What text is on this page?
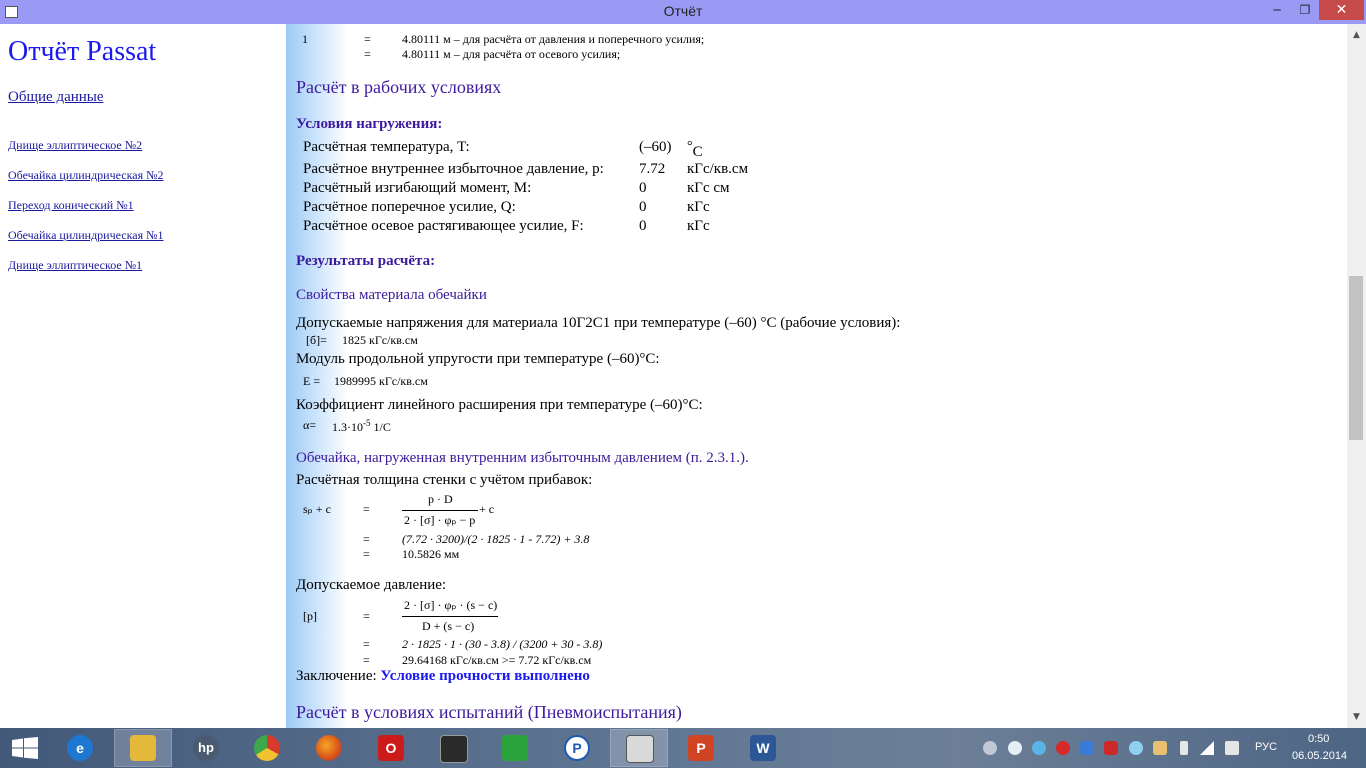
Отчёт	─	❐	✕
Отчёт Passat
Общие данные
Днище эллиптическое №2
Обечайка цилиндрическая №2
Переход конический №1
Обечайка цилиндрическая №1
Днище эллиптическое №1
1	=	4.80111 м – для расчёта от давления и поперечного усилия;
=	4.80111 м – для расчёта от осевого усилия;
Расчёт в рабочих условиях
Условия нагружения:
Расчётная температура, T:	(–60) °С
Расчётное внутреннее избыточное давление, p: 7.72 кГс/кв.см
Расчётный изгибающий момент, M:	0	кГс см
Расчётное поперечное усилие, Q:	0	кГс
Расчётное осевое растягивающее усилие, F:	0	кГс
Результаты расчёта:
Свойства материала обечайки
Допускаемые напряжения для материала 10Г2С1 при температуре (–60) °С (рабочие условия):
[б]= 1825 кГс/кв.см
Модуль продольной упругости при температуре (–60)°С:
E = 1989995 кГс/кв.см
Коэффициент линейного расширения при температуре (–60)°С:
$\alpha= 1.3\cdot 10^{-5}$ 1/С
Обечайка, нагруженная внутренним избыточным давлением (п. 2.3.1.).
Расчётная толщина стенки с учётом прибавок:
sₚ + c	=
p · D
2 · [σ] · φₚ − p
+ c
=	(7.72 · 3200)/(2 · 1825 · 1 - 7.72) + 3.8
=	10.5826 мм
Допускаемое давление:
[p]	=
2 · [σ] · φₚ · (s − c)
D + (s − c)
=	2 · 1825 · 1 · (30 - 3.8) / (3200 + 30 - 3.8)
=	29.64168 кГс/кв.см >= 7.72 кГс/кв.см
Заключение: Условие прочности выполнено
Расчёт в условиях испытаний (Пневмоиспытания)
▲
▼
e	hp	O	P	P	W	РУС
0:50
06.05.2014
